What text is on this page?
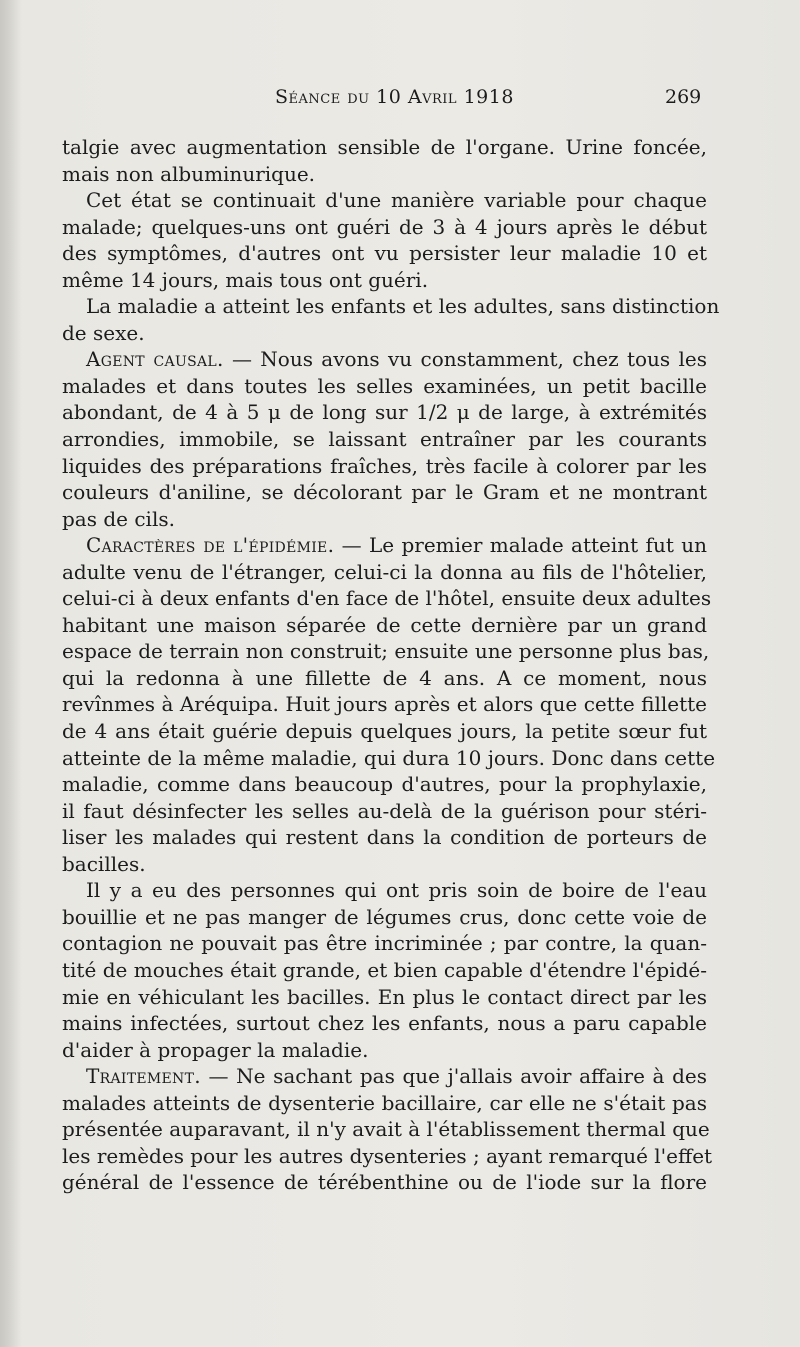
Séance du 10 Avril 1918	269
talgie avec augmentation sensible de l'organe. Urine foncée,
mais non albuminurique.
Cet état se continuait d'une manière variable pour chaque
malade; quelques-uns ont guéri de 3 à 4 jours après le début
des symptômes, d'autres ont vu persister leur maladie 10 et
même 14 jours, mais tous ont guéri.
La maladie a atteint les enfants et les adultes, sans distinction
de sexe.
Agent causal. — Nous avons vu constamment, chez tous les
malades et dans toutes les selles examinées, un petit bacille
abondant, de 4 à 5 μ de long sur 1/2 μ de large, à extrémités
arrondies, immobile, se laissant entraîner par les courants
liquides des préparations fraîches, très facile à colorer par les
couleurs d'aniline, se décolorant par le Gram et ne montrant
pas de cils.
Caractères de l'épidémie. — Le premier malade atteint fut un
adulte venu de l'étranger, celui-ci la donna au fils de l'hôtelier,
celui-ci à deux enfants d'en face de l'hôtel, ensuite deux adultes
habitant une maison séparée de cette dernière par un grand
espace de terrain non construit; ensuite une personne plus bas,
qui la redonna à une fillette de 4 ans. A ce moment, nous
revînmes à Aréquipa. Huit jours après et alors que cette fillette
de 4 ans était guérie depuis quelques jours, la petite sœur fut
atteinte de la même maladie, qui dura 10 jours. Donc dans cette
maladie, comme dans beaucoup d'autres, pour la prophylaxie,
il faut désinfecter les selles au-delà de la guérison pour stéri-
liser les malades qui restent dans la condition de porteurs de
bacilles.
Il y a eu des personnes qui ont pris soin de boire de l'eau
bouillie et ne pas manger de légumes crus, donc cette voie de
contagion ne pouvait pas être incriminée ; par contre, la quan-
tité de mouches était grande, et bien capable d'étendre l'épidé-
mie en véhiculant les bacilles. En plus le contact direct par les
mains infectées, surtout chez les enfants, nous a paru capable
d'aider à propager la maladie.
Traitement. — Ne sachant pas que j'allais avoir affaire à des
malades atteints de dysenterie bacillaire, car elle ne s'était pas
présentée auparavant, il n'y avait à l'établissement thermal que
les remèdes pour les autres dysenteries ; ayant remarqué l'effet
général de l'essence de térébenthine ou de l'iode sur la flore
